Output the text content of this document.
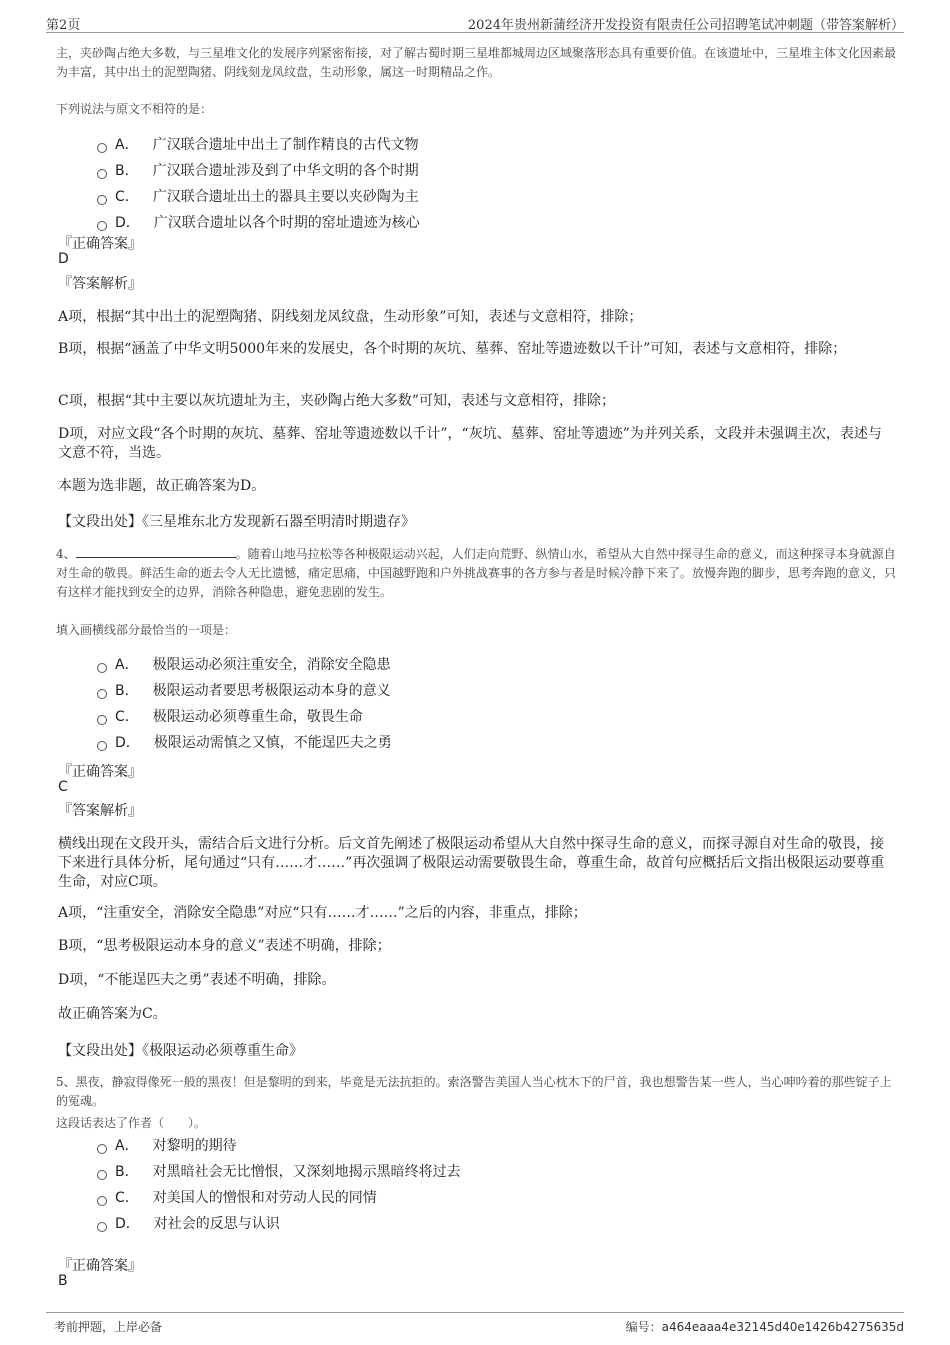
第2页	2024年贵州新蒲经济开发投资有限责任公司招聘笔试冲刺题（带答案解析）
主，夹砂陶占绝大多数，与三星堆文化的发展序列紧密衔接，对了解古蜀时期三星堆都城周边区域聚落形态具有重要价值。在该遗址中，三星堆主体文化因素最为丰富，其中出土的泥塑陶猪、阴线刻龙凤纹盘，生动形象，属这一时期精品之作。
下列说法与原文不相符的是：
A． 广汉联合遗址中出土了制作精良的古代文物
B． 广汉联合遗址涉及到了中华文明的各个时期
C． 广汉联合遗址出土的器具主要以夹砂陶为主
D． 广汉联合遗址以各个时期的窑址遗迹为核心
『正确答案』
D
『答案解析』
A项，根据“其中出土的泥塑陶猪、阴线刻龙凤纹盘，生动形象”可知，表述与文意相符，排除；
B项，根据“涵盖了中华文明5000年来的发展史，各个时期的灰坑、墓葬、窑址等遗迹数以千计”可知，表述与文意相符，排除；
C项，根据“其中主要以灰坑遗址为主，夹砂陶占绝大多数”可知，表述与文意相符，排除；
D项，对应文段“各个时期的灰坑、墓葬、窑址等遗迹数以千计”，“灰坑、墓葬、窑址等遗迹”为并列关系，文段并未强调主次，表述与文意不符，当选。
本题为选非题，故正确答案为D。
【文段出处】《三星堆东北方发现新石器至明清时期遗存》
4、	。随着山地马拉松等各种极限运动兴起，人们走向荒野、纵情山水，希望从大自然中探寻生命的意义，而这种探寻本身就源自对生命的敬畏。鲜活生命的逝去令人无比遗憾，痛定思痛，中国越野跑和户外挑战赛事的各方参与者是时候冷静下来了。放慢奔跑的脚步，思考奔跑的意义，只有这样才能找到安全的边界，消除各种隐患，避免悲剧的发生。
填入画横线部分最恰当的一项是：
A． 极限运动必须注重安全，消除安全隐患
B． 极限运动者要思考极限运动本身的意义
C． 极限运动必须尊重生命，敬畏生命
D． 极限运动需慎之又慎，不能逞匹夫之勇
『正确答案』
C
『答案解析』
横线出现在文段开头，需结合后文进行分析。后文首先阐述了极限运动希望从大自然中探寻生命的意义，而探寻源自对生命的敬畏，接下来进行具体分析，尾句通过“只有……才……”再次强调了极限运动需要敬畏生命，尊重生命，故首句应概括后文指出极限运动要尊重生命，对应C项。
A项，“注重安全，消除安全隐患”对应“只有……才……”之后的内容，非重点，排除；
B项，“思考极限运动本身的意义”表述不明确，排除；
D项，“不能逞匹夫之勇”表述不明确，排除。
故正确答案为C。
【文段出处】《极限运动必须尊重生命》
5、黑夜，静寂得像死一般的黑夜！但是黎明的到来，毕竟是无法抗拒的。索洛警告美国人当心枕木下的尸首，我也想警告某一些人，当心呻吟着的那些锭子上的冤魂。
这段话表达了作者（　　）。
A． 对黎明的期待
B． 对黑暗社会无比憎恨，又深刻地揭示黑暗终将过去
C． 对美国人的憎恨和对劳动人民的同情
D． 对社会的反思与认识
『正确答案』
B
考前押题，上岸必备	编号：a464eaaa4e32145d40e1426b4275635d
